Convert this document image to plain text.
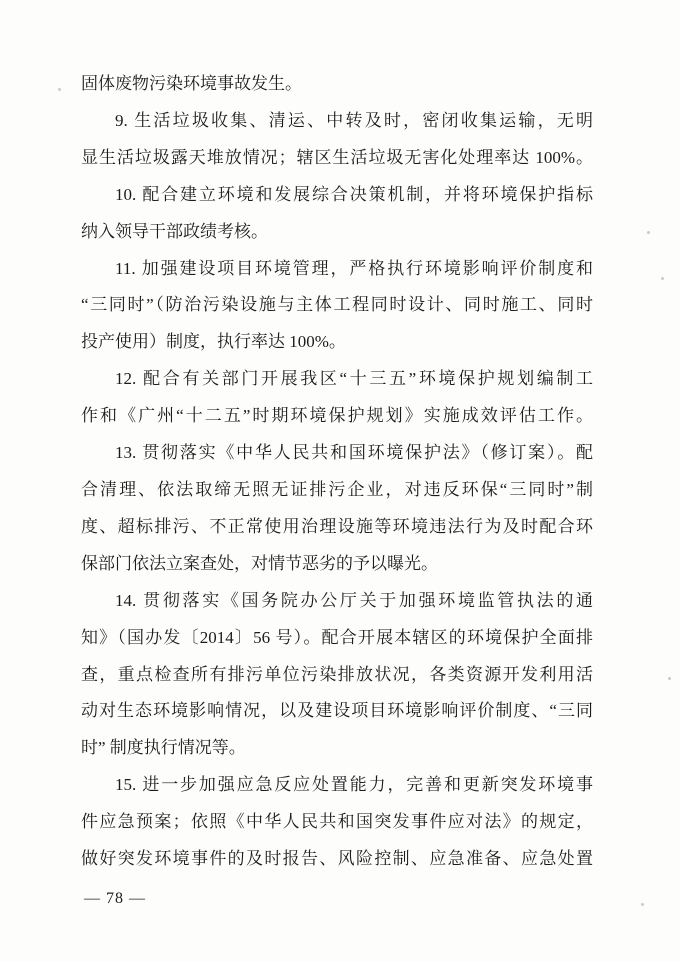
固体废物污染环境事故发生。
9. 生活垃圾收集、清运、中转及时，密闭收集运输，无明
显生活垃圾露天堆放情况；辖区生活垃圾无害化处理率达 100%。
10. 配合建立环境和发展综合决策机制，并将环境保护指标
纳入领导干部政绩考核。
11. 加强建设项目环境管理，严格执行环境影响评价制度和
“三同时”（防治污染设施与主体工程同时设计、同时施工、同时
投产使用）制度，执行率达 100%。
12. 配合有关部门开展我区“十三五”环境保护规划编制工
作和《广州“十二五”时期环境保护规划》实施成效评估工作。
13. 贯彻落实《中华人民共和国环境保护法》（修订案）。配
合清理、依法取缔无照无证排污企业，对违反环保“三同时”制
度、超标排污、不正常使用治理设施等环境违法行为及时配合环
保部门依法立案查处，对情节恶劣的予以曝光。
14. 贯彻落实《国务院办公厅关于加强环境监管执法的通
知》（国办发〔2014〕56 号）。配合开展本辖区的环境保护全面排
查，重点检查所有排污单位污染排放状况，各类资源开发利用活
动对生态环境影响情况，以及建设项目环境影响评价制度、“三同
时” 制度执行情况等。
15. 进一步加强应急反应处置能力，完善和更新突发环境事
件应急预案；依照《中华人民共和国突发事件应对法》的规定，
做好突发环境事件的及时报告、风险控制、应急准备、应急处置
— 78 —
